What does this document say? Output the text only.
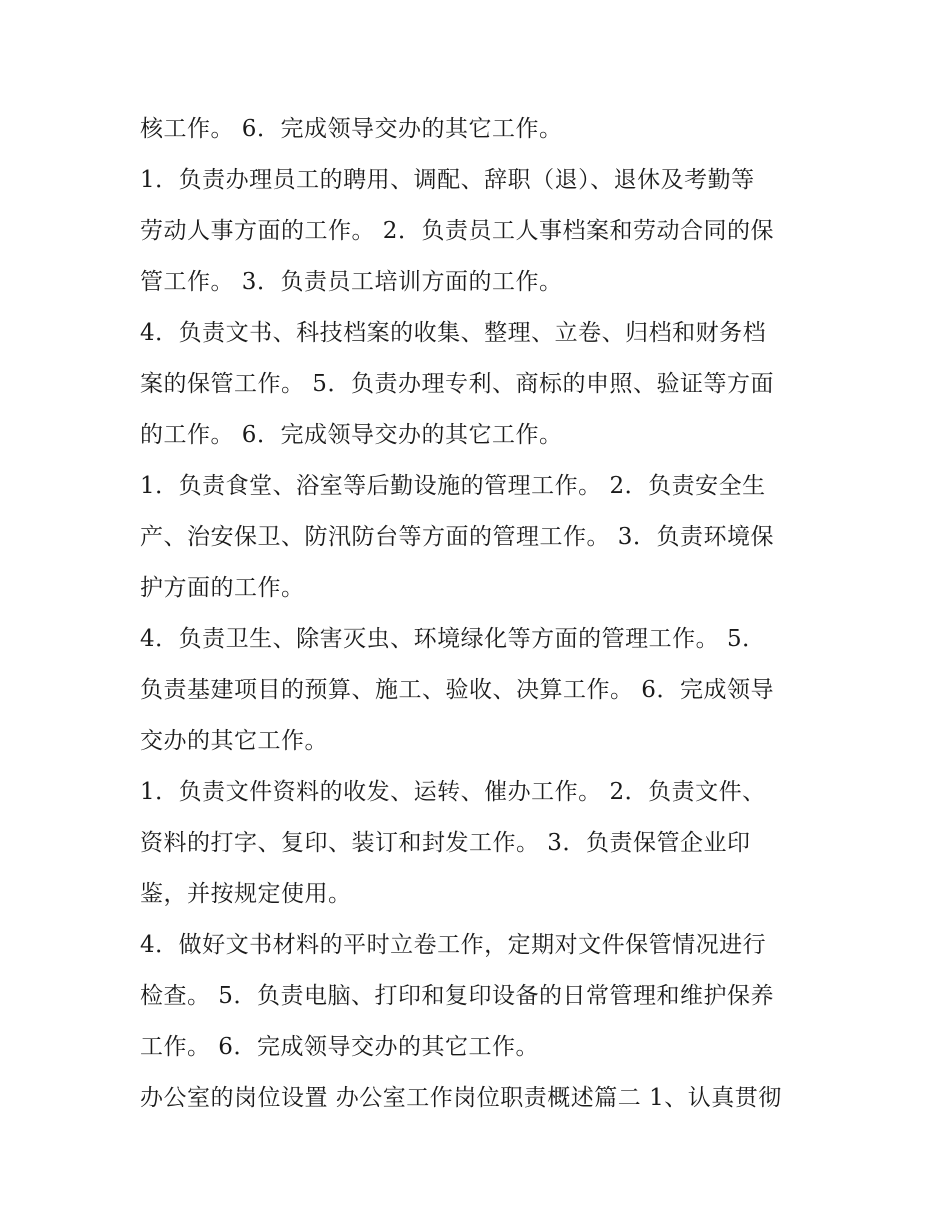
核工作。 6．完成领导交办的其它工作。
1．负责办理员工的聘用、调配、辞职（退）、退休及考勤等
劳动人事方面的工作。 2．负责员工人事档案和劳动合同的保
管工作。 3．负责员工培训方面的工作。
4．负责文书、科技档案的收集、整理、立卷、归档和财务档
案的保管工作。 5．负责办理专利、商标的申照、验证等方面
的工作。 6．完成领导交办的其它工作。
1．负责食堂、浴室等后勤设施的管理工作。 2．负责安全生
产、治安保卫、防汛防台等方面的管理工作。 3．负责环境保
护方面的工作。
4．负责卫生、除害灭虫、环境绿化等方面的管理工作。 5．
负责基建项目的预算、施工、验收、决算工作。 6．完成领导
交办的其它工作。
1．负责文件资料的收发、运转、催办工作。 2．负责文件、
资料的打字、复印、装订和封发工作。 3．负责保管企业印
鉴，并按规定使用。
4．做好文书材料的平时立卷工作，定期对文件保管情况进行
检查。 5．负责电脑、打印和复印设备的日常管理和维护保养
工作。 6．完成领导交办的其它工作。
办公室的岗位设置 办公室工作岗位职责概述篇二 1、认真贯彻
